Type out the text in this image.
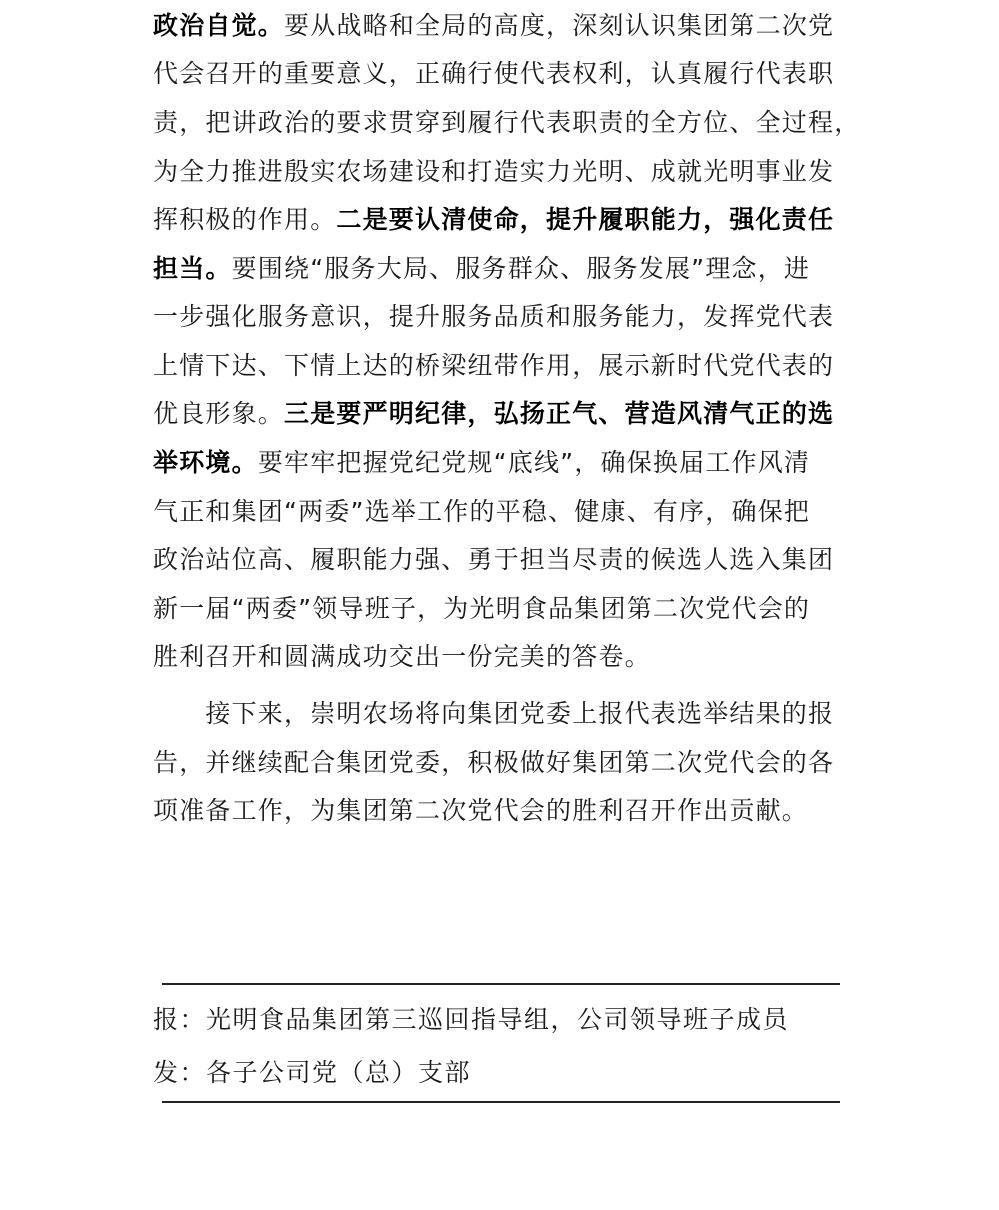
政治自觉。要从战略和全局的高度，深刻认识集团第二次党
代会召开的重要意义，正确行使代表权利，认真履行代表职
责，把讲政治的要求贯穿到履行代表职责的全方位、全过程，
为全力推进殷实农场建设和打造实力光明、成就光明事业发
挥积极的作用。二是要认清使命，提升履职能力，强化责任
担当。要围绕“服务大局、服务群众、服务发展”理念，进
一步强化服务意识，提升服务品质和服务能力，发挥党代表
上情下达、下情上达的桥梁纽带作用，展示新时代党代表的
优良形象。三是要严明纪律，弘扬正气、营造风清气正的选
举环境。要牢牢把握党纪党规“底线”，确保换届工作风清
气正和集团“两委”选举工作的平稳、健康、有序，确保把
政治站位高、履职能力强、勇于担当尽责的候选人选入集团
新一届“两委”领导班子，为光明食品集团第二次党代会的
胜利召开和圆满成功交出一份完美的答卷。
　　接下来，崇明农场将向集团党委上报代表选举结果的报
告，并继续配合集团党委，积极做好集团第二次党代会的各
项准备工作，为集团第二次党代会的胜利召开作出贡献。
报：光明食品集团第三巡回指导组，公司领导班子成员
发：各子公司党（总）支部
